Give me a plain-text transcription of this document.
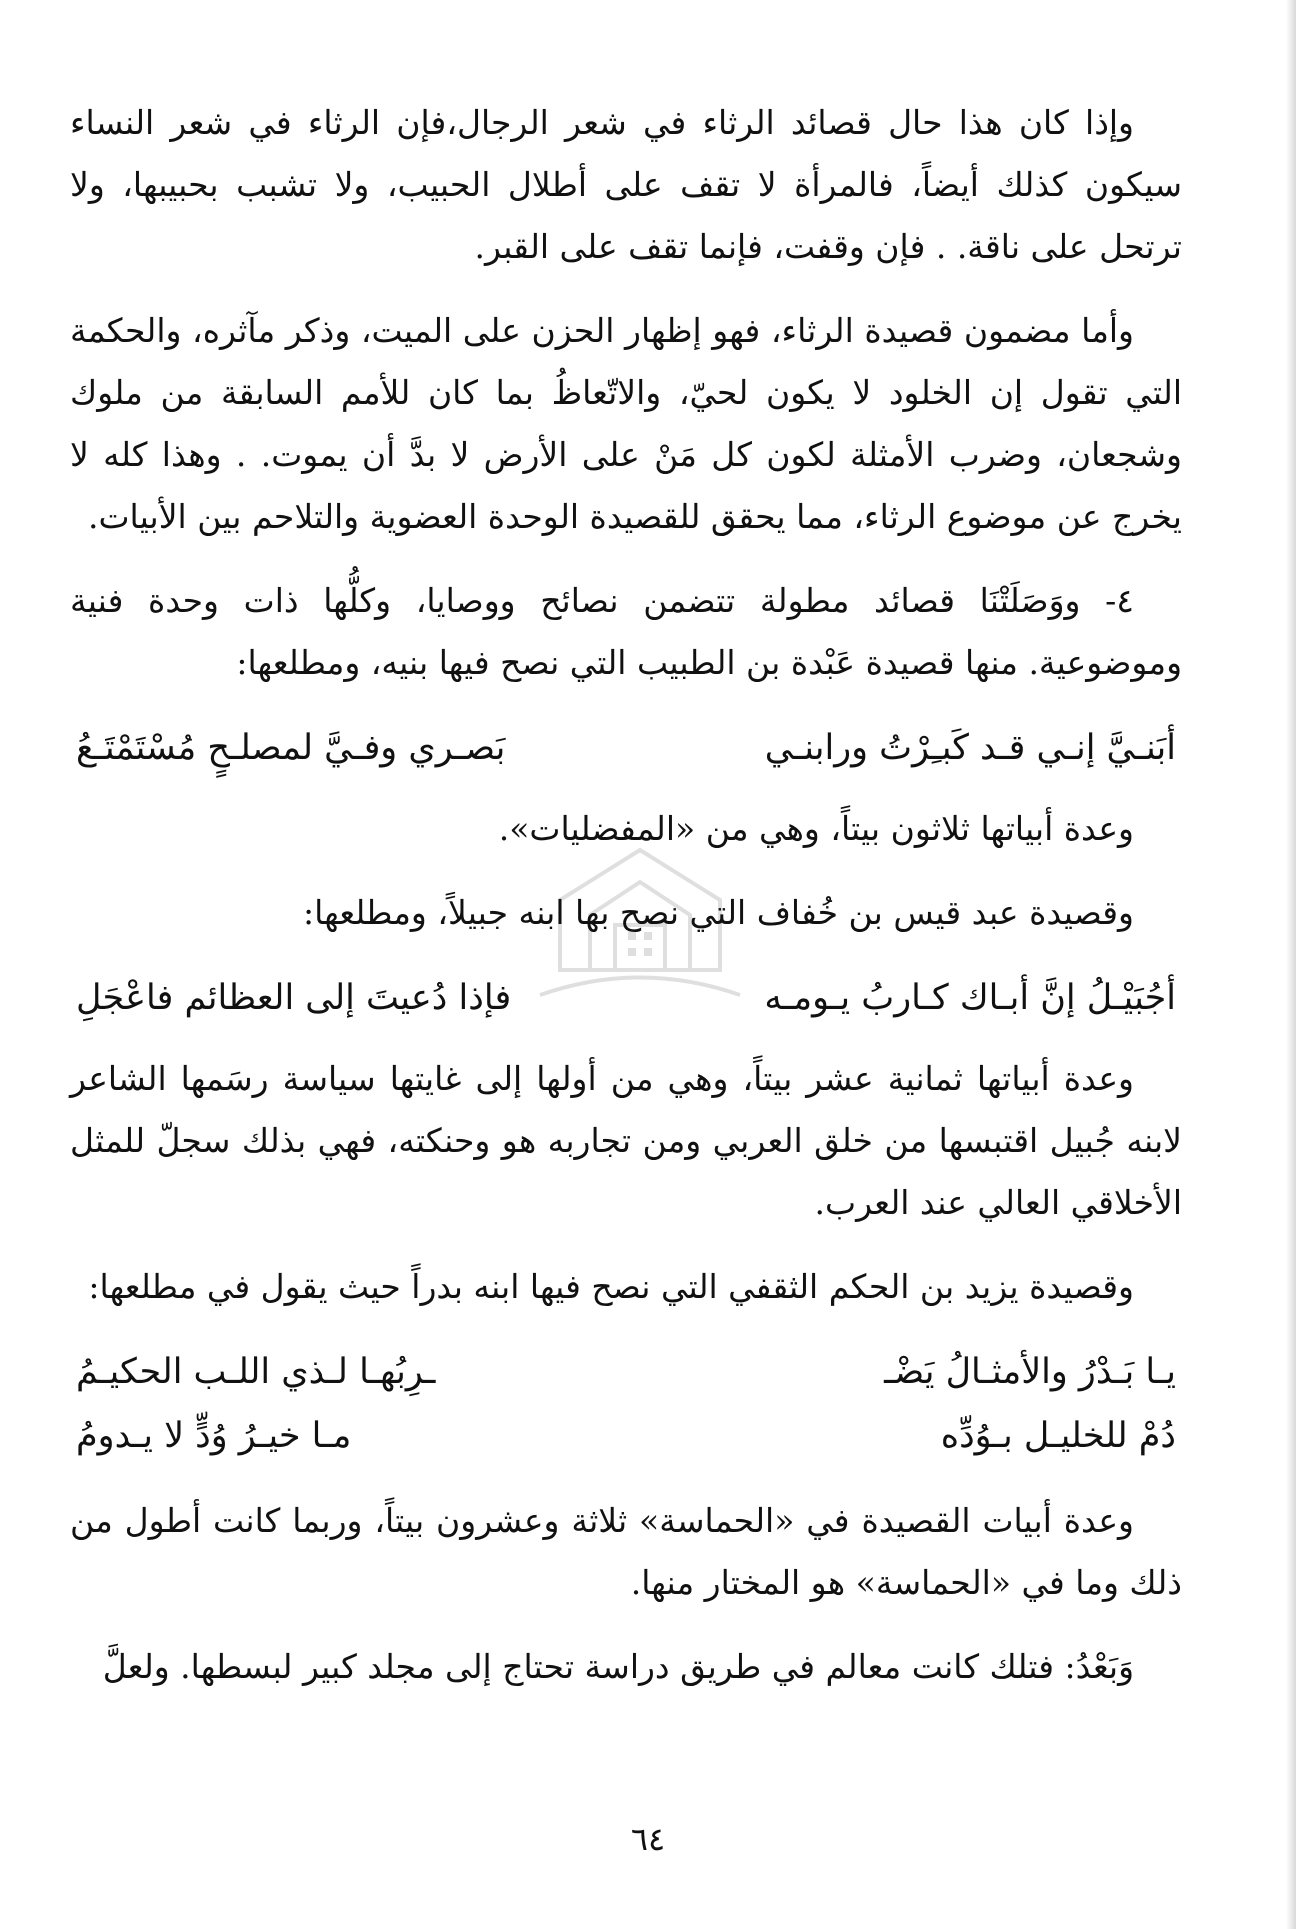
وإذا كان هذا حال قصائد الرثاء في شعر الرجال،فإن الرثاء في شعر النساء سيكون كذلك أيضاً، فالمرأة لا تقف على أطلال الحبيب، ولا تشبب بحبيبها، ولا ترتحل على ناقة. . فإن وقفت، فإنما تقف على القبر.

وأما مضمون قصيدة الرثاء، فهو إظهار الحزن على الميت، وذكر مآثره، والحكمة التي تقول إن الخلود لا يكون لحيّ، والاتّعاظُ بما كان للأمم السابقة من ملوك وشجعان، وضرب الأمثلة لكون كل مَنْ على الأرض لا بدَّ أن يموت. . وهذا كله لا يخرج عن موضوع الرثاء، مما يحقق للقصيدة الوحدة العضوية والتلاحم بين الأبيات.

٤- ووَصَلَتْنَا قصائد مطولة تتضمن نصائح ووصايا، وكلُّها ذات وحدة فنية وموضوعية. منها قصيدة عَبْدة بن الطبيب التي نصح فيها بنيه، ومطلعها:

أبَنـيَّ إنـي قـد كَبـِرْتُ ورابنـي
بَصـري وفـيَّ لمصلـحٍ مُسْتَمْتَـعُ

وعدة أبياتها ثلاثون بيتاً، وهي من «المفضليات».

وقصيدة عبد قيس بن خُفاف التي نصح بها ابنه جبيلاً، ومطلعها:

أجُبَيْـلُ إنَّ أبـاك كـاربُ يـومـه
فإذا دُعيتَ إلى العظائم فاعْجَلِ

وعدة أبياتها ثمانية عشر بيتاً، وهي من أولها إلى غايتها سياسة رسَمها الشاعر لابنه جُبيل اقتبسها من خلق العربي ومن تجاربه هو وحنكته، فهي بذلك سجلّ للمثل الأخلاقي العالي عند العرب.

وقصيدة يزيد بن الحكم الثقفي التي نصح فيها ابنه بدراً حيث يقول في مطلعها:

يـا بَـدْرُ والأمثـالُ يَضْـ
ـرِبُهـا لـذي اللـب الحكيـمُ
دُمْ للخليـل بـوُدِّه
مـا خيـرُ وُدٍّ لا يـدومُ

وعدة أبيات القصيدة في «الحماسة» ثلاثة وعشرون بيتاً، وربما كانت أطول من ذلك وما في «الحماسة» هو المختار منها.

وَبَعْدُ: فتلك كانت معالم في طريق دراسة تحتاج إلى مجلد كبير لبسطها. ولعلَّ

٦٤
